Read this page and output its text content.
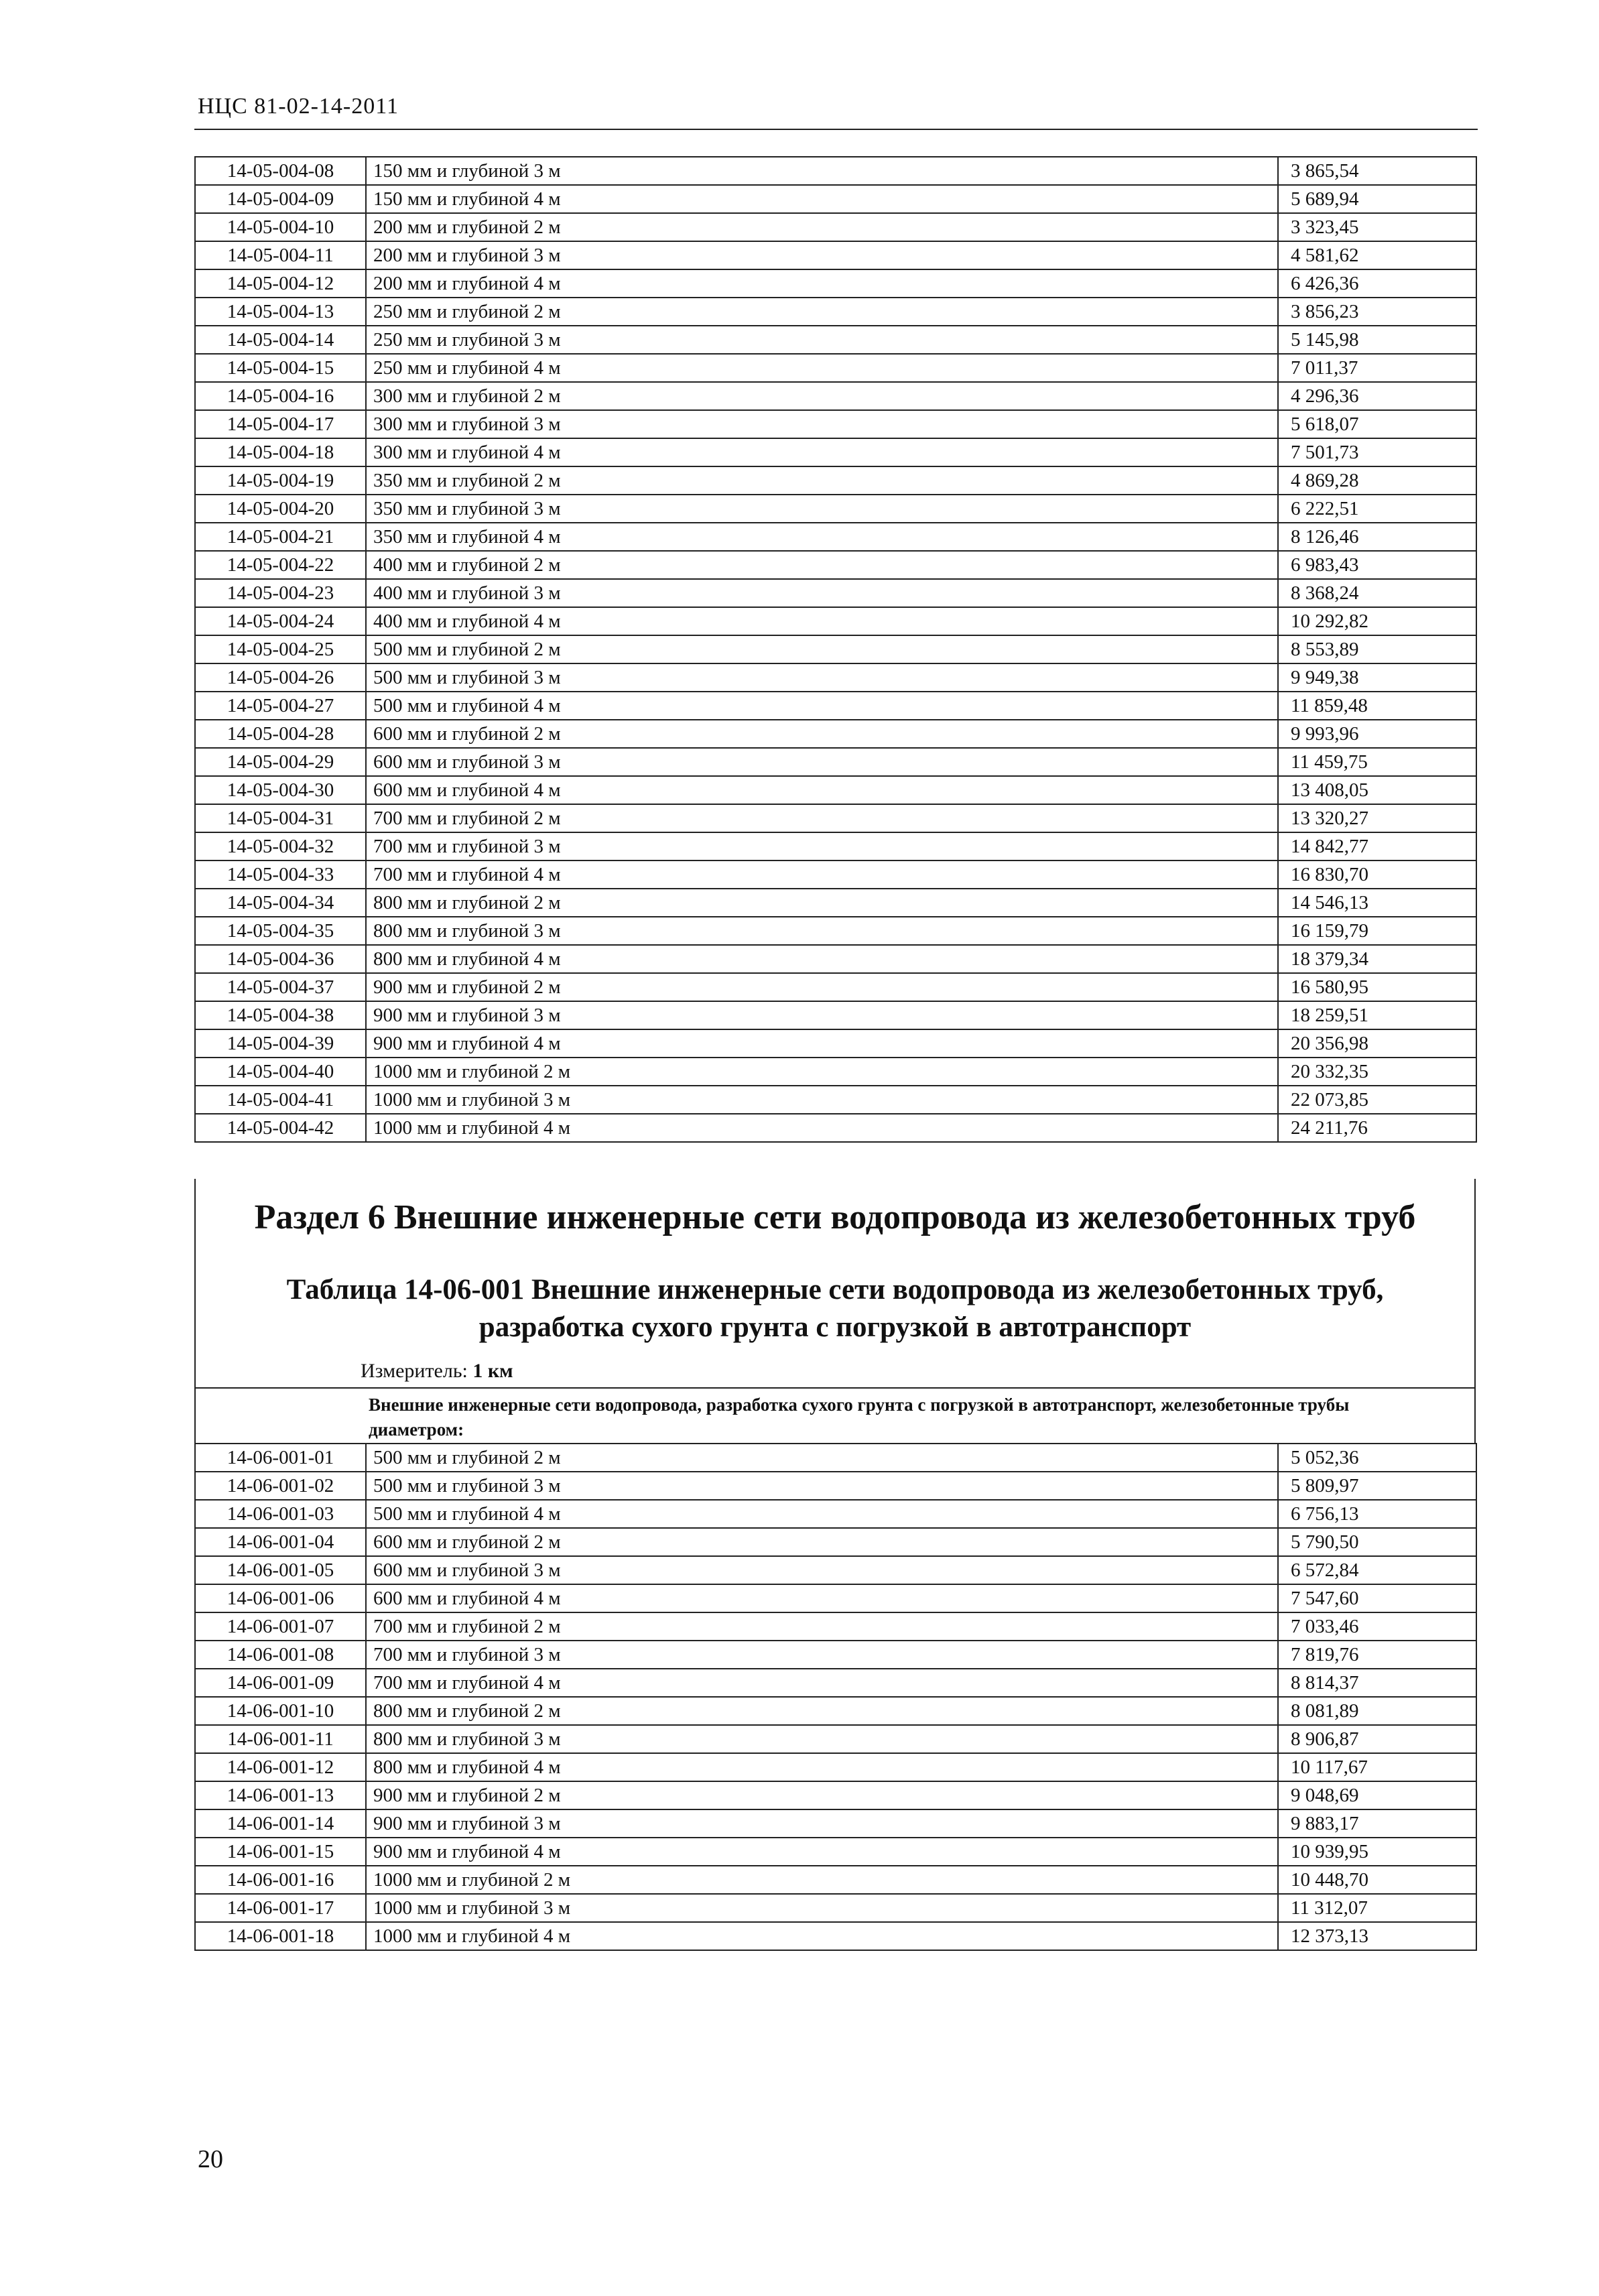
НЦС 81-02-14-2011
14-05-004-08	150 мм и глубиной 3 м	3 865,54
14-05-004-09	150 мм и глубиной 4 м	5 689,94
14-05-004-10	200 мм и глубиной 2 м	3 323,45
14-05-004-11	200 мм и глубиной 3 м	4 581,62
14-05-004-12	200 мм и глубиной 4 м	6 426,36
14-05-004-13	250 мм и глубиной 2 м	3 856,23
14-05-004-14	250 мм и глубиной 3 м	5 145,98
14-05-004-15	250 мм и глубиной 4 м	7 011,37
14-05-004-16	300 мм и глубиной 2 м	4 296,36
14-05-004-17	300 мм и глубиной 3 м	5 618,07
14-05-004-18	300 мм и глубиной 4 м	7 501,73
14-05-004-19	350 мм и глубиной 2 м	4 869,28
14-05-004-20	350 мм и глубиной 3 м	6 222,51
14-05-004-21	350 мм и глубиной 4 м	8 126,46
14-05-004-22	400 мм и глубиной 2 м	6 983,43
14-05-004-23	400 мм и глубиной 3 м	8 368,24
14-05-004-24	400 мм и глубиной 4 м	10 292,82
14-05-004-25	500 мм и глубиной 2 м	8 553,89
14-05-004-26	500 мм и глубиной 3 м	9 949,38
14-05-004-27	500 мм и глубиной 4 м	11 859,48
14-05-004-28	600 мм и глубиной 2 м	9 993,96
14-05-004-29	600 мм и глубиной 3 м	11 459,75
14-05-004-30	600 мм и глубиной 4 м	13 408,05
14-05-004-31	700 мм и глубиной 2 м	13 320,27
14-05-004-32	700 мм и глубиной 3 м	14 842,77
14-05-004-33	700 мм и глубиной 4 м	16 830,70
14-05-004-34	800 мм и глубиной 2 м	14 546,13
14-05-004-35	800 мм и глубиной 3 м	16 159,79
14-05-004-36	800 мм и глубиной 4 м	18 379,34
14-05-004-37	900 мм и глубиной 2 м	16 580,95
14-05-004-38	900 мм и глубиной 3 м	18 259,51
14-05-004-39	900 мм и глубиной 4 м	20 356,98
14-05-004-40	1000 мм и глубиной 2 м	20 332,35
14-05-004-41	1000 мм и глубиной 3 м	22 073,85
14-05-004-42	1000 мм и глубиной 4 м	24 211,76
Раздел 6 Внешние инженерные сети водопровода из железобетонных труб
Таблица 14-06-001 Внешние инженерные сети водопровода из железобетонных труб,
разработка сухого грунта с погрузкой в автотранспорт
Измеритель: 1 км
Внешние инженерные сети водопровода, разработка сухого грунта с погрузкой в автотранспорт, железобетонные трубы диаметром:
14-06-001-01	500 мм и глубиной 2 м	5 052,36
14-06-001-02	500 мм и глубиной 3 м	5 809,97
14-06-001-03	500 мм и глубиной 4 м	6 756,13
14-06-001-04	600 мм и глубиной 2 м	5 790,50
14-06-001-05	600 мм и глубиной 3 м	6 572,84
14-06-001-06	600 мм и глубиной 4 м	7 547,60
14-06-001-07	700 мм и глубиной 2 м	7 033,46
14-06-001-08	700 мм и глубиной 3 м	7 819,76
14-06-001-09	700 мм и глубиной 4 м	8 814,37
14-06-001-10	800 мм и глубиной 2 м	8 081,89
14-06-001-11	800 мм и глубиной 3 м	8 906,87
14-06-001-12	800 мм и глубиной 4 м	10 117,67
14-06-001-13	900 мм и глубиной 2 м	9 048,69
14-06-001-14	900 мм и глубиной 3 м	9 883,17
14-06-001-15	900 мм и глубиной 4 м	10 939,95
14-06-001-16	1000 мм и глубиной 2 м	10 448,70
14-06-001-17	1000 мм и глубиной 3 м	11 312,07
14-06-001-18	1000 мм и глубиной 4 м	12 373,13
20
